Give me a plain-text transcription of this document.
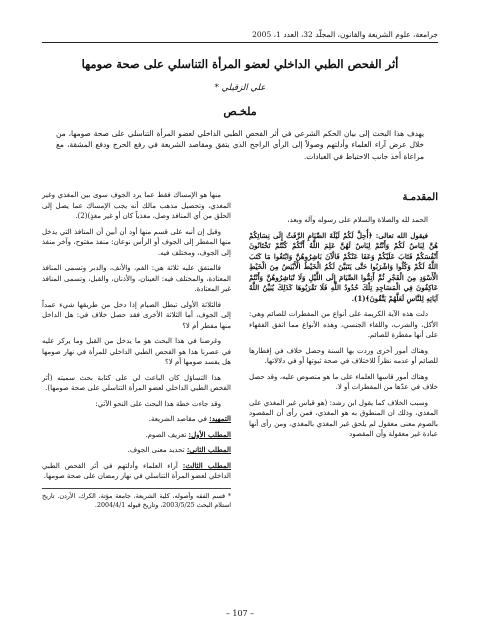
جرامعة، علوم الشريعة والقانون، المجلّد 32، العدد 1، 2005
أثر الفحص الطبي الداخلي لعضو المرأة التناسلي على صحة صومها
علي الزقيلي *
ملخـص

يهدف هذا البحث إلى بيان الحكم الشرعي في أثر الفحص الطبي الداخلي لعضو المرأة التناسلي على صحة صومها، من خلال عرض آراء العلماء وأدلتهم وصولاً إلى الرأي الراجح الذي يتفق ومقاصد الشريعة في رفع الحرج ودفع المشقة، مع مراعاة أخذ جانب الاحتياط في العبادات.

المقدمـة

الحمد لله والصلاة والسلام على رسوله وآله وبعد،

فيقول الله تعالى: ﴿أُحِلَّ لَكُمْ لَيْلَةَ الصِّيَامِ الرَّفَثُ إِلَى نِسَائِكُمْ هُنَّ لِبَاسٌ لَكُمْ وَأَنْتُمْ لِبَاسٌ لَهُنَّ عَلِمَ اللَّهُ أَنَّكُمْ كُنْتُمْ تَخْتَانُونَ أَنْفُسَكُمْ فَتَابَ عَلَيْكُمْ وَعَفَا عَنْكُمْ فَالْآنَ بَاشِرُوهُنَّ وَابْتَغُوا مَا كَتَبَ اللَّهُ لَكُمْ وَكُلُوا وَاشْرَبُوا حَتَّى يَتَبَيَّنَ لَكُمُ الْخَيْطُ الْأَبْيَضُ مِنَ الْخَيْطِ الْأَسْوَدِ مِنَ الْفَجْرِ ثُمَّ أَتِمُّوا الصِّيَامَ إِلَى اللَّيْلِ وَلَا تُبَاشِرُوهُنَّ وَأَنْتُمْ عَاكِفُونَ فِي الْمَسَاجِدِ تِلْكَ حُدُودُ اللَّهِ فَلَا تَقْرَبُوهَا كَذَلِكَ يُبَيِّنُ اللَّهُ آيَاتِهِ لِلنَّاسِ لَعَلَّهُمْ يَتَّقُونَ﴾(1).

دلت هذه الآية الكريمة على أنواع من المفطرات للصائم وهي: الأكل، والشرب، واللقاء الجنسي، وهذه الأنواع مما اتفق الفقهاء على أنها مفطرة للصائم.

وهناك أمور أخرى وردت بها السنة وحصل خلاف في إفطارها للصائم أو عدمه نظراً للاختلاف في صحة ثبوتها أو في دلالاتها.

وهناك أمور قاسها العلماء على ما هو منصوص عليه، وقد حصل خلاف في عدّها من المفطرات أو لا.

وسبب الخلاف كما يقول ابن رشد: (هو قياس غير المغذي على المغذي، وذلك ان المنطوق به هو المغذي، فمن رأى أن المقصود بالصوم معنى معقول لم يلحق غير المغذي بالمغذي، ومن رأى أنها عبادة غير معقولة وأن المقصود

منها هو الإمساك فقط عما يرد الجوف سوى بين المغذي وغير المغذي، وتحصيل مذهب مالك أنه يجب الإمساك عما يصل إلى الحلق من أي المنافذ وصل، مغذياً كان أو غير مغذٍ)(2).

وقيل إن أنبه على قسم منها أود أن أبين أن المنافذ التي يدخل منها المفطر إلى الجوف أو الرأس نوعان: منفذ مفتوح، وآخر منفذ إلى الجوف، ومختلف فيه.

فالمتفق عليه ثلاثة هي: الفم، والأنف، والدبر وتسمى المنافذ المعتادة، والمختلف فيه: العينان، والأذنان، والقبل، وتسمى المنافذ غير المعتادة.

فالثلاثة الأولى تبطل الصيام إذا دخل من طريقها شيء عمداً إلى الجوف، أما الثلاثة الأخرى فقد حصل خلاف في: هل الداخل منها مفطر أم لا؟

وغرضنا في هذا البحث هو ما يدخل من القبل وما يركز عليه في عصرنا هذا هو الفحص الطبي الداخلي للمرأة في نهار صومها هل يفسد صومها أم لا؟

هذا التساؤل كان الباعث لي على كتابة بحث سميته (أثر الفحص الطبي الداخلي لعضو المرأة التناسلي على صحة صومها).

وقد جاءت خطة هذا البحث على النحو الآتي:

التمهيد: في مقاصد الشريعة.

المطلب الأول: تعريف الصوم.

المطلب الثاني: تحديد معنى الجوف.

المطلب الثالث: آراء العلماء وأدلتهم في أثر الفحص الطبي الداخلي لعضو المرأة التناسلي في نهار رمضان على صحة صومها.

* قسم الفقه وأصوله، كلية الشريعة، جامعة مؤتة، الكرك، الأردن. تاريخ استلام البحث 2003/5/25، وتاريخ قبوله 2004/4/1.
– 107 –
